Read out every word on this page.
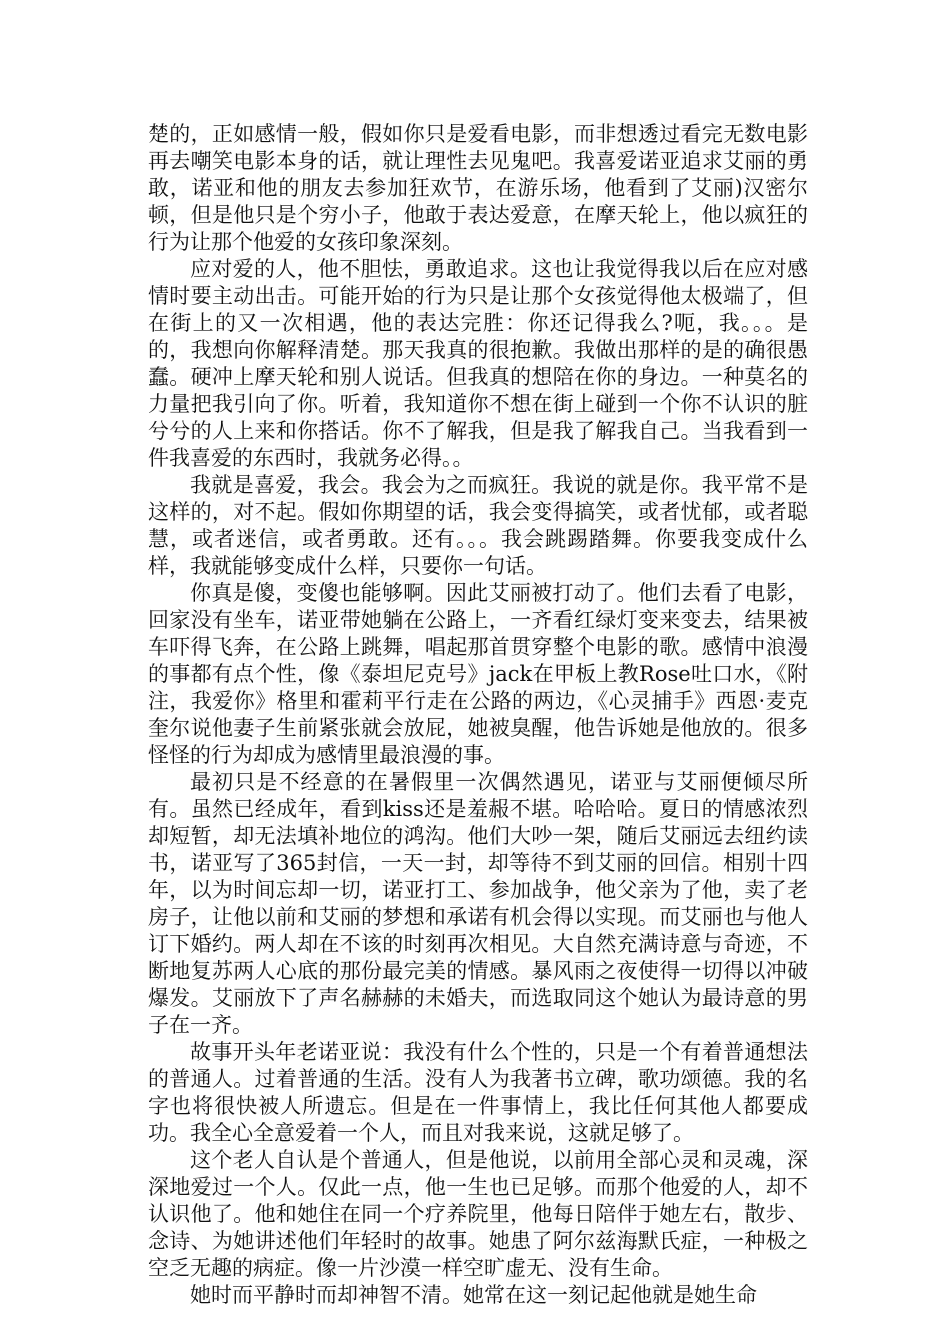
楚的，正如感情一般，假如你只是爱看电影，而非想透过看完无数电影再去嘲笑电影本身的话，就让理性去见鬼吧。我喜爱诺亚追求艾丽的勇敢，诺亚和他的朋友去参加狂欢节，在游乐场，他看到了艾丽)汉密尔顿，但是他只是个穷小子，他敢于表达爱意，在摩天轮上，他以疯狂的行为让那个他爱的女孩印象深刻。

应对爱的人，他不胆怯，勇敢追求。这也让我觉得我以后在应对感情时要主动出击。可能开始的行为只是让那个女孩觉得他太极端了，但在街上的又一次相遇，他的表达完胜：你还记得我么?呃，我。。。是的，我想向你解释清楚。那天我真的很抱歉。我做出那样的是的确很愚蠢。硬冲上摩天轮和别人说话。但我真的想陪在你的身边。一种莫名的力量把我引向了你。听着，我知道你不想在街上碰到一个你不认识的脏兮兮的人上来和你搭话。你不了解我，但是我了解我自己。当我看到一件我喜爱的东西时，我就务必得。。

我就是喜爱，我会。我会为之而疯狂。我说的就是你。我平常不是这样的，对不起。假如你期望的话，我会变得搞笑，或者忧郁，或者聪慧，或者迷信，或者勇敢。还有。。。我会跳踢踏舞。你要我变成什么样，我就能够变成什么样，只要你一句话。

你真是傻，变傻也能够啊。因此艾丽被打动了。他们去看了电影，回家没有坐车，诺亚带她躺在公路上，一齐看红绿灯变来变去，结果被车吓得飞奔，在公路上跳舞，唱起那首贯穿整个电影的歌。感情中浪漫的事都有点个性，像《泰坦尼克号》jack在甲板上教Rose吐口水，《附注，我爱你》格里和霍莉平行走在公路的两边，《心灵捕手》西恩·麦克奎尔说他妻子生前紧张就会放屁，她被臭醒，他告诉她是他放的。很多怪怪的行为却成为感情里最浪漫的事。

最初只是不经意的在暑假里一次偶然遇见，诺亚与艾丽便倾尽所有。虽然已经成年，看到kiss还是羞赧不堪。哈哈哈。夏日的情感浓烈却短暂，却无法填补地位的鸿沟。他们大吵一架，随后艾丽远去纽约读书，诺亚写了365封信，一天一封，却等待不到艾丽的回信。相别十四年，以为时间忘却一切，诺亚打工、参加战争，他父亲为了他，卖了老房子，让他以前和艾丽的梦想和承诺有机会得以实现。而艾丽也与他人订下婚约。两人却在不该的时刻再次相见。大自然充满诗意与奇迹，不断地复苏两人心底的那份最完美的情感。暴风雨之夜使得一切得以冲破爆发。艾丽放下了声名赫赫的未婚夫，而选取同这个她认为最诗意的男子在一齐。

故事开头年老诺亚说：我没有什么个性的，只是一个有着普通想法的普通人。过着普通的生活。没有人为我著书立碑，歌功颂德。我的名字也将很快被人所遗忘。但是在一件事情上，我比任何其他人都要成功。我全心全意爱着一个人，而且对我来说，这就足够了。

这个老人自认是个普通人，但是他说，以前用全部心灵和灵魂，深深地爱过一个人。仅此一点，他一生也已足够。而那个他爱的人，却不认识他了。他和她住在同一个疗养院里，他每日陪伴于她左右，散步、念诗、为她讲述他们年轻时的故事。她患了阿尔兹海默氏症，一种极之空乏无趣的病症。像一片沙漠一样空旷虚无、没有生命。

她时而平静时而却神智不清。她常在这一刻记起他就是她生命
